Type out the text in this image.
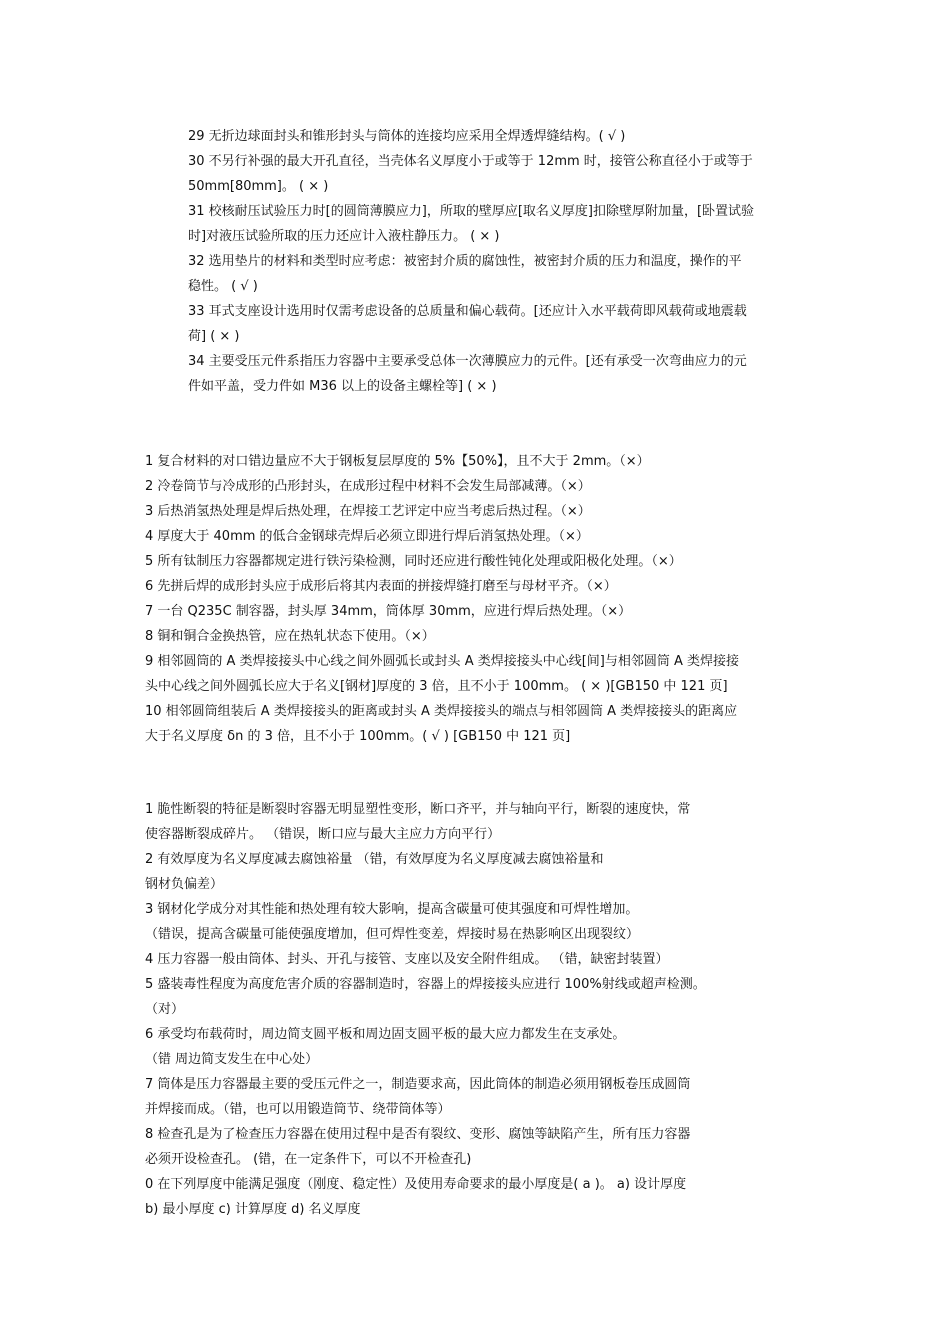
29 无折边球面封头和锥形封头与筒体的连接均应采用全焊透焊缝结构。( √ )
30 不另行补强的最大开孔直径，当壳体名义厚度小于或等于 12mm 时，接管公称直径小于或等于
50mm[80mm]。 ( × )
31 校核耐压试验压力时[的圆筒薄膜应力]，所取的壁厚应[取名义厚度]扣除壁厚附加量，[卧置试验
时]对液压试验所取的压力还应计入液柱静压力。 ( × )
32 选用垫片的材料和类型时应考虑：被密封介质的腐蚀性，被密封介质的压力和温度，操作的平
稳性。 ( √ )
33 耳式支座设计选用时仅需考虑设备的总质量和偏心载荷。[还应计入水平载荷即风载荷或地震载
荷] ( × )
34 主要受压元件系指压力容器中主要承受总体一次薄膜应力的元件。[还有承受一次弯曲应力的元
件如平盖，受力件如 M36 以上的设备主螺栓等] ( × )
1 复合材料的对口错边量应不大于钢板复层厚度的 5%【50%】，且不大于 2mm。（×）
2 冷卷筒节与冷成形的凸形封头，在成形过程中材料不会发生局部减薄。（×）
3 后热消氢热处理是焊后热处理，在焊接工艺评定中应当考虑后热过程。（×）
4 厚度大于 40mm 的低合金钢球壳焊后必须立即进行焊后消氢热处理。（×）
5 所有钛制压力容器都规定进行铁污染检测，同时还应进行酸性钝化处理或阳极化处理。（×）
6 先拼后焊的成形封头应于成形后将其内表面的拼接焊缝打磨至与母材平齐。（×）
7 一台 Q235C 制容器，封头厚 34mm，筒体厚 30mm，应进行焊后热处理。（×）
8 铜和铜合金换热管，应在热轧状态下使用。（×）
9 相邻圆筒的 A 类焊接接头中心线之间外圆弧长或封头 A 类焊接接头中心线[间]与相邻圆筒 A 类焊接接
头中心线之间外圆弧长应大于名义[钢材]厚度的 3 倍，且不小于 100mm。 ( × )[GB150 中 121 页]
10 相邻圆筒组装后 A 类焊接接头的距离或封头 A 类焊接接头的端点与相邻圆筒 A 类焊接接头的距离应
大于名义厚度 δn 的 3 倍，且不小于 100mm。( √ ) [GB150 中 121 页]
1 脆性断裂的特征是断裂时容器无明显塑性变形，断口齐平，并与轴向平行，断裂的速度快，常
使容器断裂成碎片。 （错误，断口应与最大主应力方向平行）
2 有效厚度为名义厚度减去腐蚀裕量 （错，有效厚度为名义厚度减去腐蚀裕量和
钢材负偏差）
3 钢材化学成分对其性能和热处理有较大影响，提高含碳量可使其强度和可焊性增加。
（错误，提高含碳量可能使强度增加，但可焊性变差，焊接时易在热影响区出现裂纹）
4 压力容器一般由筒体、封头、开孔与接管、支座以及安全附件组成。 （错，缺密封装置）
5 盛装毒性程度为高度危害介质的容器制造时，容器上的焊接接头应进行 100%射线或超声检测。
（对）
6 承受均布载荷时，周边简支圆平板和周边固支圆平板的最大应力都发生在支承处。
（错 周边简支发生在中心处）
7 筒体是压力容器最主要的受压元件之一，制造要求高，因此筒体的制造必须用钢板卷压成圆筒
并焊接而成。（错，也可以用锻造筒节、绕带筒体等）
8 检查孔是为了检查压力容器在使用过程中是否有裂纹、变形、腐蚀等缺陷产生，所有压力容器
必须开设检查孔。 (错，在一定条件下，可以不开检查孔)
0 在下列厚度中能满足强度（刚度、稳定性）及使用寿命要求的最小厚度是( a )。 a) 设计厚度
b) 最小厚度 c) 计算厚度 d) 名义厚度
